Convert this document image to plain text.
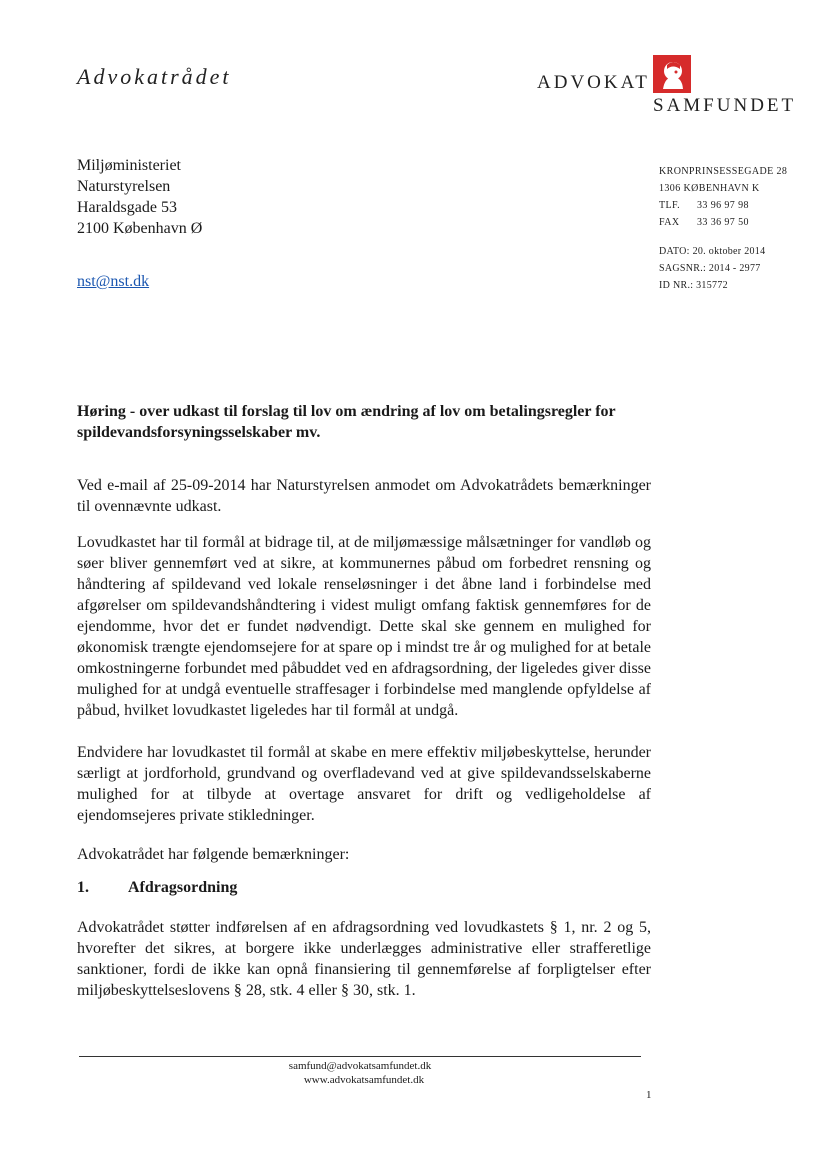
Advokatrådet	ADVOKAT
SAMFUNDET
Miljøministeriet
Naturstyrelsen
Haraldsgade 53
2100 København Ø
nst@nst.dk
KRONPRINSESSEGADE 28
1306 KØBENHAVN K
TLF. 33 96 97 98
FAX 33 36 97 50
DATO: 20. oktober 2014
SAGSNR.: 2014 - 2977
ID NR.: 315772
Høring - over udkast til forslag til lov om ændring af lov om betalingsregler for spildevandsforsyningsselskaber mv.
Ved e-mail af 25-09-2014 har Naturstyrelsen anmodet om Advokatrådets bemærkninger til ovennævnte udkast.
Lovudkastet har til formål at bidrage til, at de miljømæssige målsætninger for vandløb og søer bliver gennemført ved at sikre, at kommunernes påbud om forbedret rensning og håndtering af spildevand ved lokale renseløsninger i det åbne land i forbindelse med afgørelser om spildevandshåndtering i videst muligt omfang faktisk gennemføres for de ejendomme, hvor det er fundet nødvendigt. Dette skal ske gennem en mulighed for økonomisk trængte ejendomsejere for at spare op i mindst tre år og mulighed for at betale omkostningerne forbundet med påbuddet ved en afdragsordning, der ligeledes giver disse mulighed for at undgå eventuelle straffesager i forbindelse med manglende opfyldelse af påbud, hvilket lovudkastet ligeledes har til formål at undgå.
Endvidere har lovudkastet til formål at skabe en mere effektiv miljøbeskyttelse, herunder særligt at jordforhold, grundvand og overfladevand ved at give spildevandsselskaberne mulighed for at tilbyde at overtage ansvaret for drift og vedligeholdelse af ejendomsejeres private stikledninger.
Advokatrådet har følgende bemærkninger:
1. Afdragsordning
Advokatrådet støtter indførelsen af en afdragsordning ved lovudkastets § 1, nr. 2 og 5, hvorefter det sikres, at borgere ikke underlægges administrative eller strafferetlige sanktioner, fordi de ikke kan opnå finansiering til gennemførelse af forpligtelser efter miljøbeskyttelseslovens § 28, stk. 4 eller § 30, stk. 1.
samfund@advokatsamfundet.dk
www.advokatsamfundet.dk
1
